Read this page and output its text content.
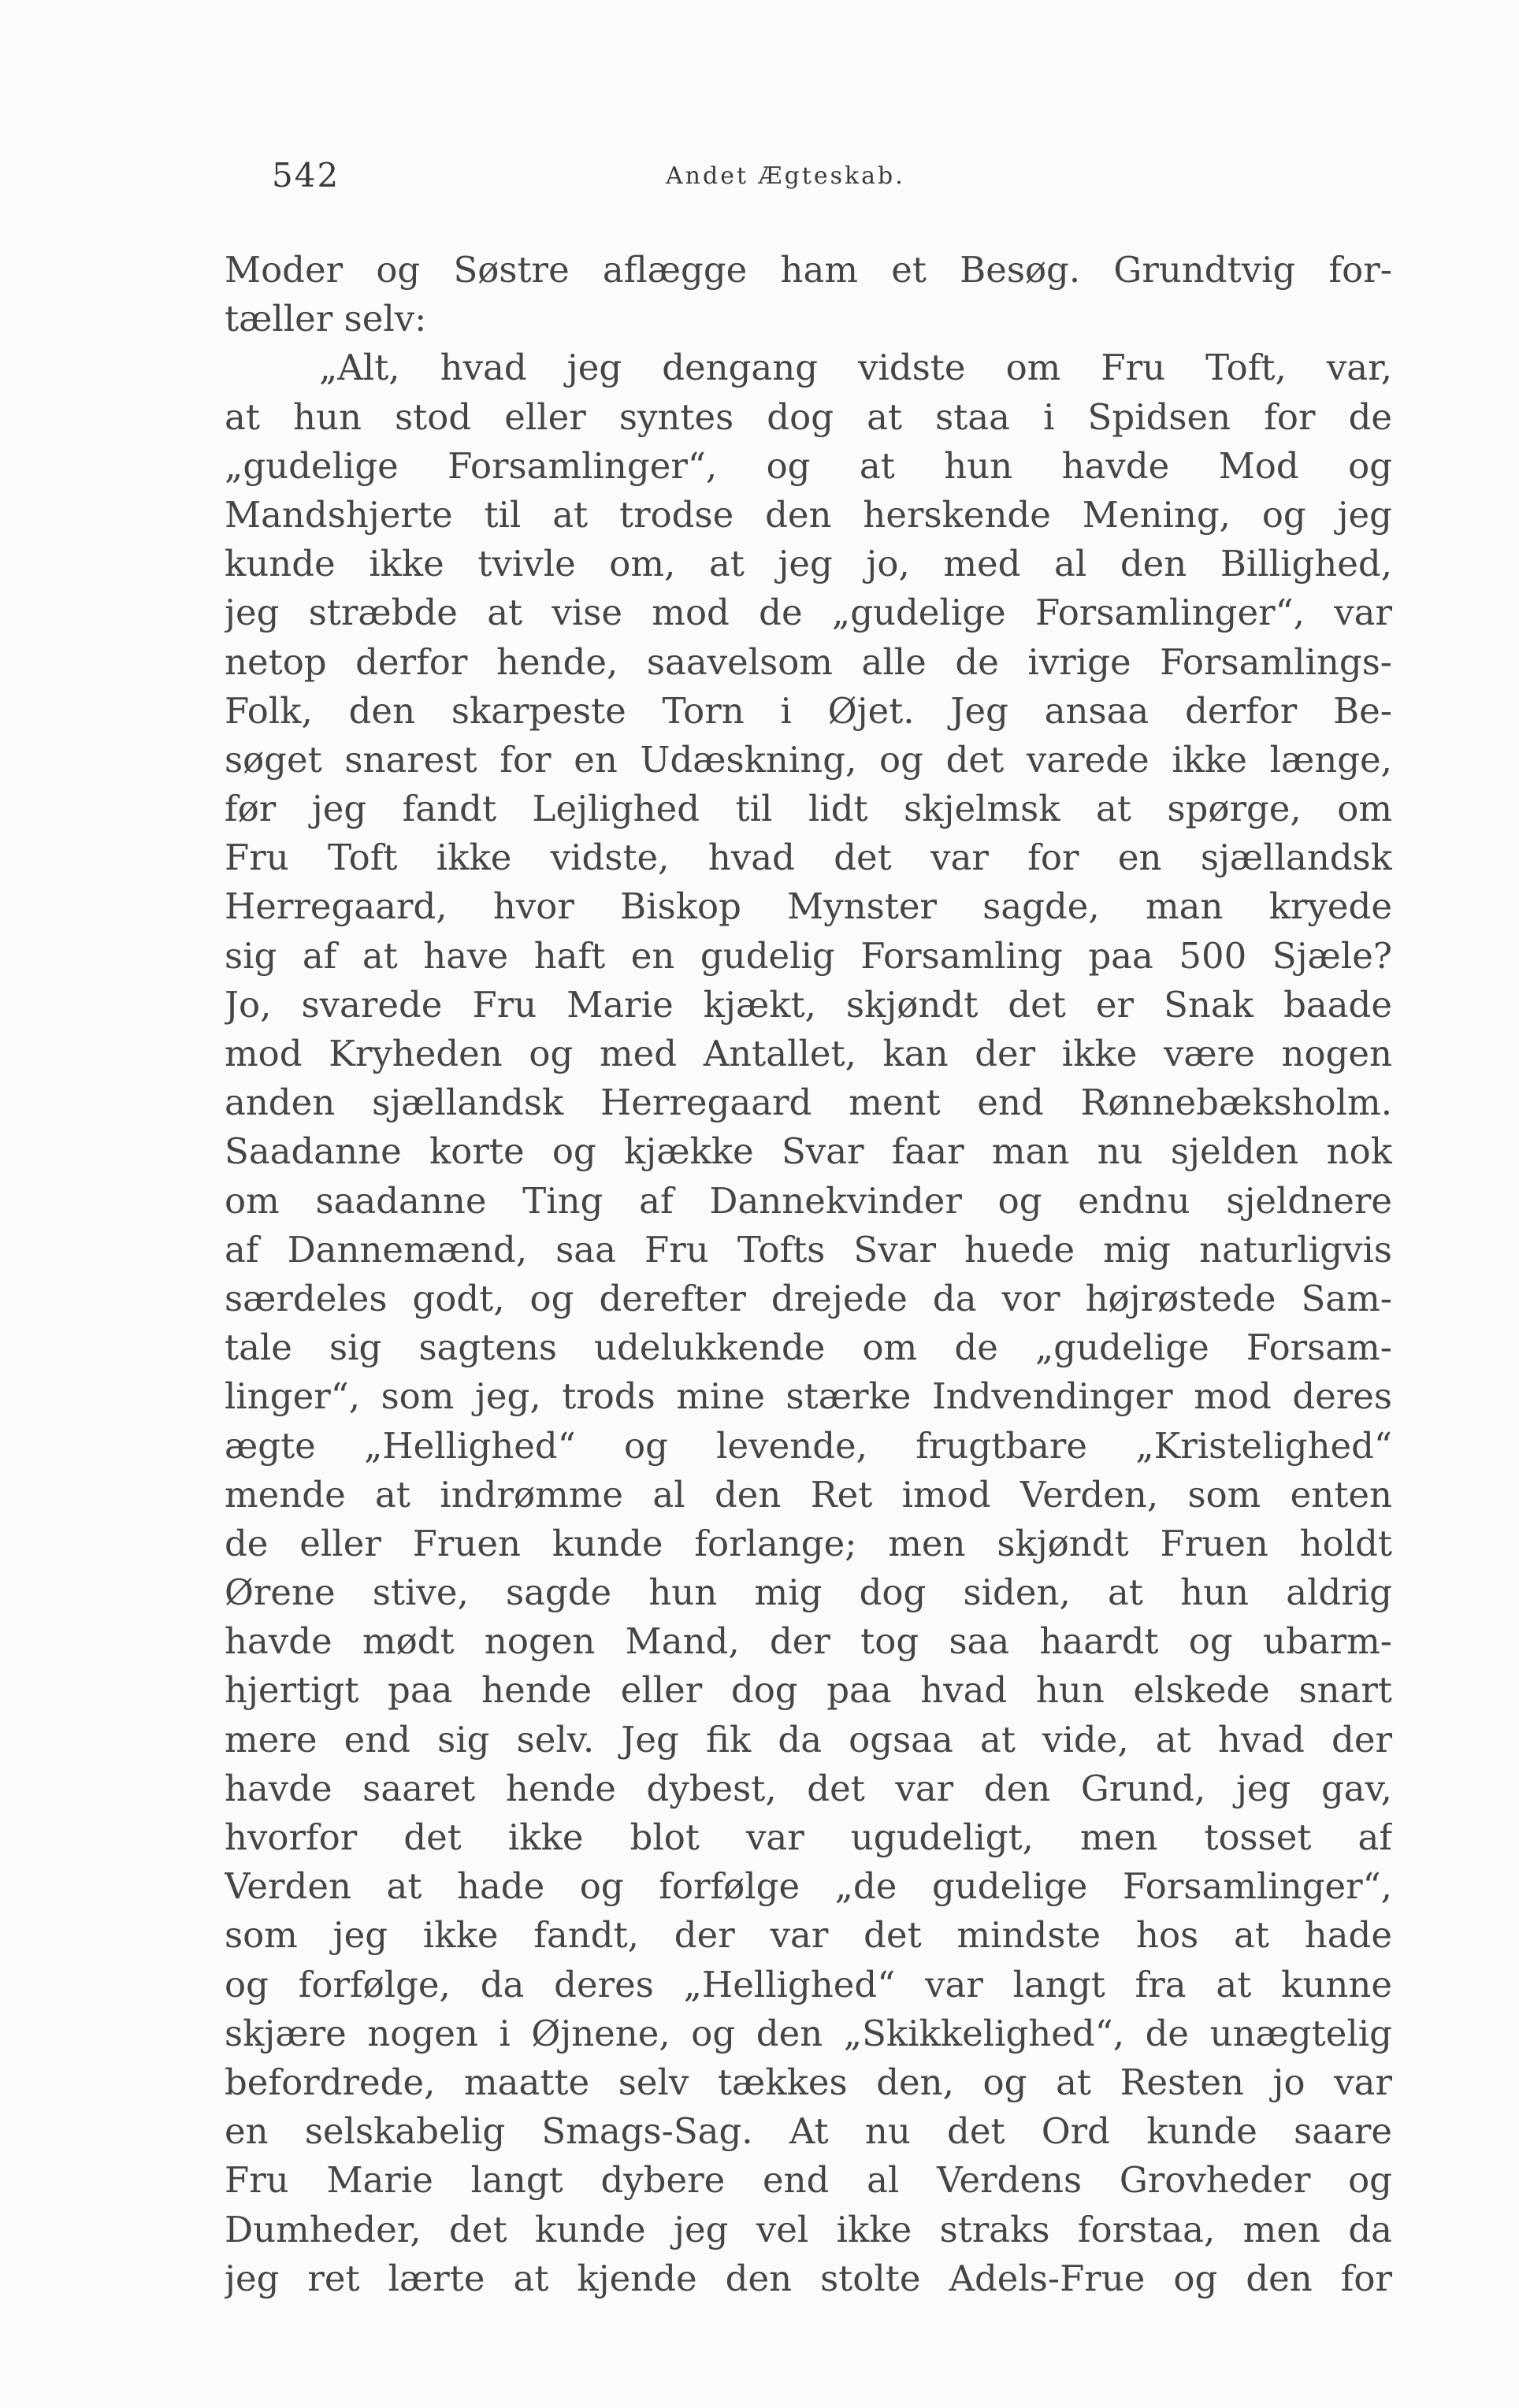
542	Andet Ægteskab.
Moder og Søstre aflægge ham et Besøg. Grundtvig for-
tæller selv:
„Alt, hvad jeg dengang vidste om Fru Toft, var,
at hun stod eller syntes dog at staa i Spidsen for de
„gudelige Forsamlinger“, og at hun havde Mod og
Mandshjerte til at trodse den herskende Mening, og jeg
kunde ikke tvivle om, at jeg jo, med al den Billighed,
jeg stræbde at vise mod de „gudelige Forsamlinger“, var
netop derfor hende, saavelsom alle de ivrige Forsamlings-
Folk, den skarpeste Torn i Øjet. Jeg ansaa derfor Be-
søget snarest for en Udæskning, og det varede ikke længe,
før jeg fandt Lejlighed til lidt skjelmsk at spørge, om
Fru Toft ikke vidste, hvad det var for en sjællandsk
Herregaard, hvor Biskop Mynster sagde, man kryede
sig af at have haft en gudelig Forsamling paa 500 Sjæle?
Jo, svarede Fru Marie kjækt, skjøndt det er Snak baade
mod Kryheden og med Antallet, kan der ikke være nogen
anden sjællandsk Herregaard ment end Rønnebæksholm.
Saadanne korte og kjække Svar faar man nu sjelden nok
om saadanne Ting af Dannekvinder og endnu sjeldnere
af Dannemænd, saa Fru Tofts Svar huede mig naturligvis
særdeles godt, og derefter drejede da vor højrøstede Sam-
tale sig sagtens udelukkende om de „gudelige Forsam-
linger“, som jeg, trods mine stærke Indvendinger mod deres
ægte „Hellighed“ og levende, frugtbare „Kristelighed“
mende at indrømme al den Ret imod Verden, som enten
de eller Fruen kunde forlange; men skjøndt Fruen holdt
Ørene stive, sagde hun mig dog siden, at hun aldrig
havde mødt nogen Mand, der tog saa haardt og ubarm-
hjertigt paa hende eller dog paa hvad hun elskede snart
mere end sig selv. Jeg fik da ogsaa at vide, at hvad der
havde saaret hende dybest, det var den Grund, jeg gav,
hvorfor det ikke blot var ugudeligt, men tosset af
Verden at hade og forfølge „de gudelige Forsamlinger“,
som jeg ikke fandt, der var det mindste hos at hade
og forfølge, da deres „Hellighed“ var langt fra at kunne
skjære nogen i Øjnene, og den „Skikkelighed“, de unægtelig
befordrede, maatte selv tækkes den, og at Resten jo var
en selskabelig Smags-Sag. At nu det Ord kunde saare
Fru Marie langt dybere end al Verdens Grovheder og
Dumheder, det kunde jeg vel ikke straks forstaa, men da
jeg ret lærte at kjende den stolte Adels-Frue og den for
